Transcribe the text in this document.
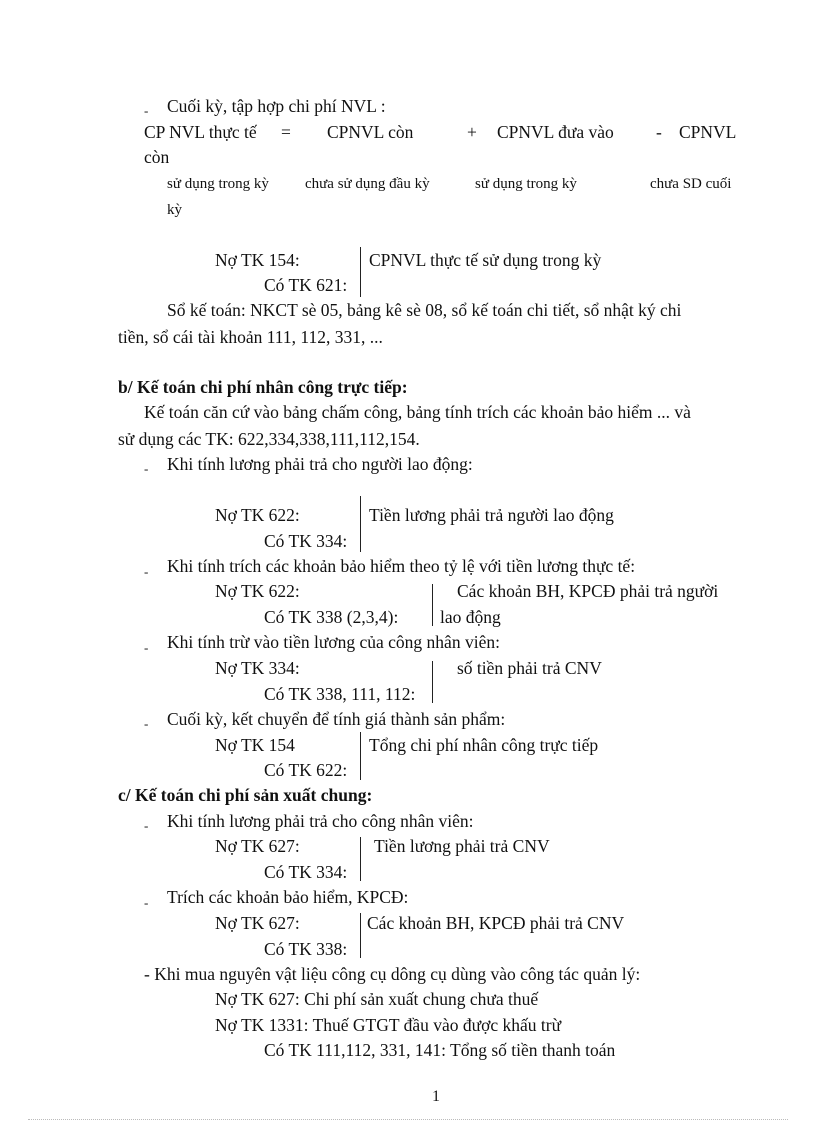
- Cuối kỳ, tập hợp chi phí NVL :
CP NVL thực tế = CPNVL còn	+ CPNVL đưa vào - CPNVL
còn
sử dụng trong kỳ chưa sử dụng đầu kỳ	sử dụng trong kỳ	chưa SD cuối
kỳ
Nợ TK 154:
Có TK 621:
CPNVL thực tế sử dụng trong kỳ
Sổ kế toán: NKCT sè 05, bảng kê sè 08, sổ kế toán chi tiết, sổ nhật ký chi
tiền, sổ cái tài khoản 111, 112, 331, ...
b/ Kế toán chi phí nhân công trực tiếp:
Kế toán căn cứ vào bảng chấm công, bảng tính trích các khoản bảo hiểm ... và
sử dụng các TK: 622,334,338,111,112,154.
- Khi tính lương phải trả cho người lao động:
Nợ TK 622:
Có TK 334:
Tiền lương phải trả người lao động
- Khi tính trích các khoản bảo hiểm theo tỷ lệ với tiền lương thực tế:
Nợ TK 622:
Có TK 338 (2,3,4):
Các khoản BH, KPCĐ phải trả người
lao động
- Khi tính trừ vào tiền lương của công nhân viên:
Nợ TK 334:
Có TK 338, 111, 112:
số tiền phải trả CNV
- Cuối kỳ, kết chuyển để tính giá thành sản phẩm:
Nợ TK 154
Có TK 622:
Tổng chi phí nhân công trực tiếp
c/ Kế toán chi phí sản xuất chung:
- Khi tính lương phải trả cho công nhân viên:
Nợ TK 627:
Có TK 334:
Tiền lương phải trả CNV
- Trích các khoản bảo hiểm, KPCĐ:
Nợ TK 627:
Có TK 338:
Các khoản BH, KPCĐ phải trả CNV
- Khi mua nguyên vật liệu công cụ dông cụ dùng vào công tác quản lý:
Nợ TK 627: Chi phí sản xuất chung chưa thuế
Nợ TK 1331: Thuế GTGT đầu vào được khấu trừ
Có TK 111,112, 331, 141: Tổng số tiền thanh toán
1
